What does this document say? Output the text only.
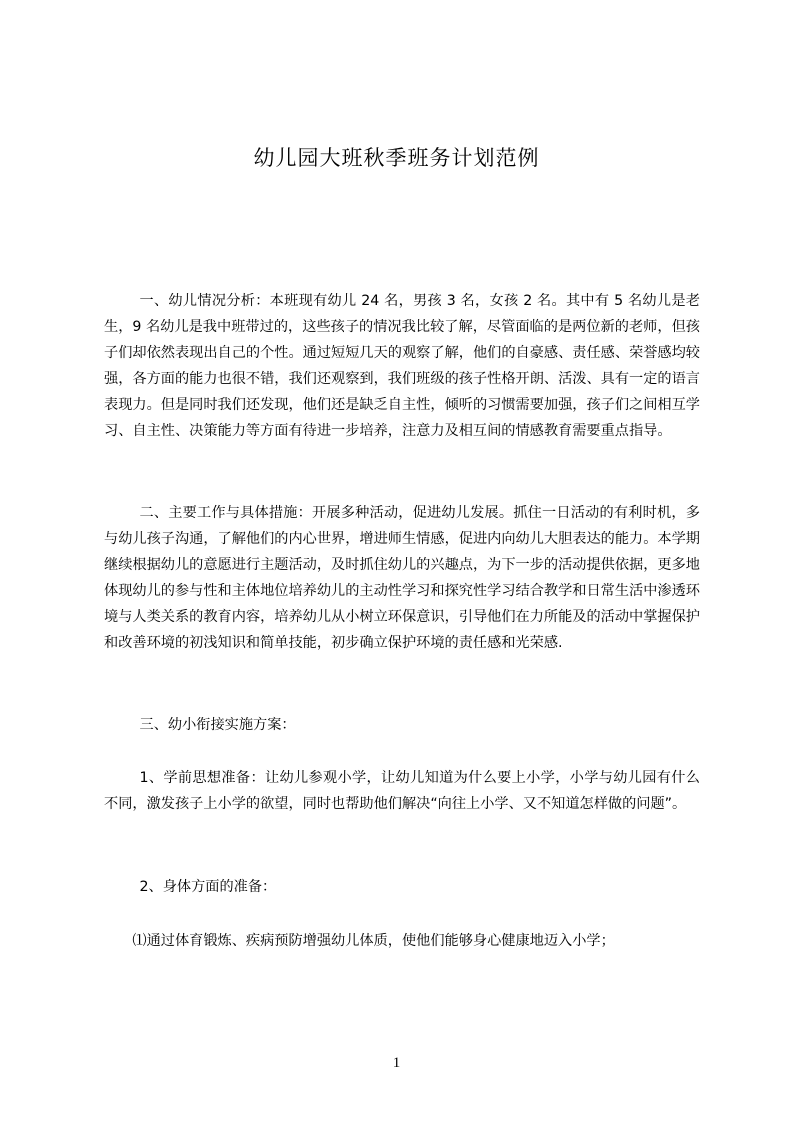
幼儿园大班秋季班务计划范例
一、幼儿情况分析：本班现有幼儿 24 名，男孩 3 名，女孩 2 名。其中有 5 名幼儿是老生，9 名幼儿是我中班带过的，这些孩子的情况我比较了解，尽管面临的是两位新的老师，但孩子们却依然表现出自己的个性。通过短短几天的观察了解，他们的自豪感、责任感、荣誉感均较强，各方面的能力也很不错，我们还观察到，我们班级的孩子性格开朗、活泼、具有一定的语言表现力。但是同时我们还发现，他们还是缺乏自主性，倾听的习惯需要加强，孩子们之间相互学习、自主性、决策能力等方面有待进一步培养，注意力及相互间的情感教育需要重点指导。
二、主要工作与具体措施：开展多种活动，促进幼儿发展。抓住一日活动的有利时机，多与幼儿孩子沟通，了解他们的内心世界，增进师生情感，促进内向幼儿大胆表达的能力。本学期继续根据幼儿的意愿进行主题活动，及时抓住幼儿的兴趣点，为下一步的活动提供依据，更多地体现幼儿的参与性和主体地位培养幼儿的主动性学习和探究性学习结合教学和日常生活中渗透环境与人类关系的教育内容，培养幼儿从小树立环保意识，引导他们在力所能及的活动中掌握保护和改善环境的初浅知识和简单技能，初步确立保护环境的责任感和光荣感.
三、幼小衔接实施方案：
1、学前思想准备：让幼儿参观小学，让幼儿知道为什么要上小学，小学与幼儿园有什么不同，激发孩子上小学的欲望，同时也帮助他们解决“向往上小学、又不知道怎样做的问题”。
2、身体方面的准备：
⑴通过体育锻炼、疾病预防增强幼儿体质，使他们能够身心健康地迈入小学；
1
